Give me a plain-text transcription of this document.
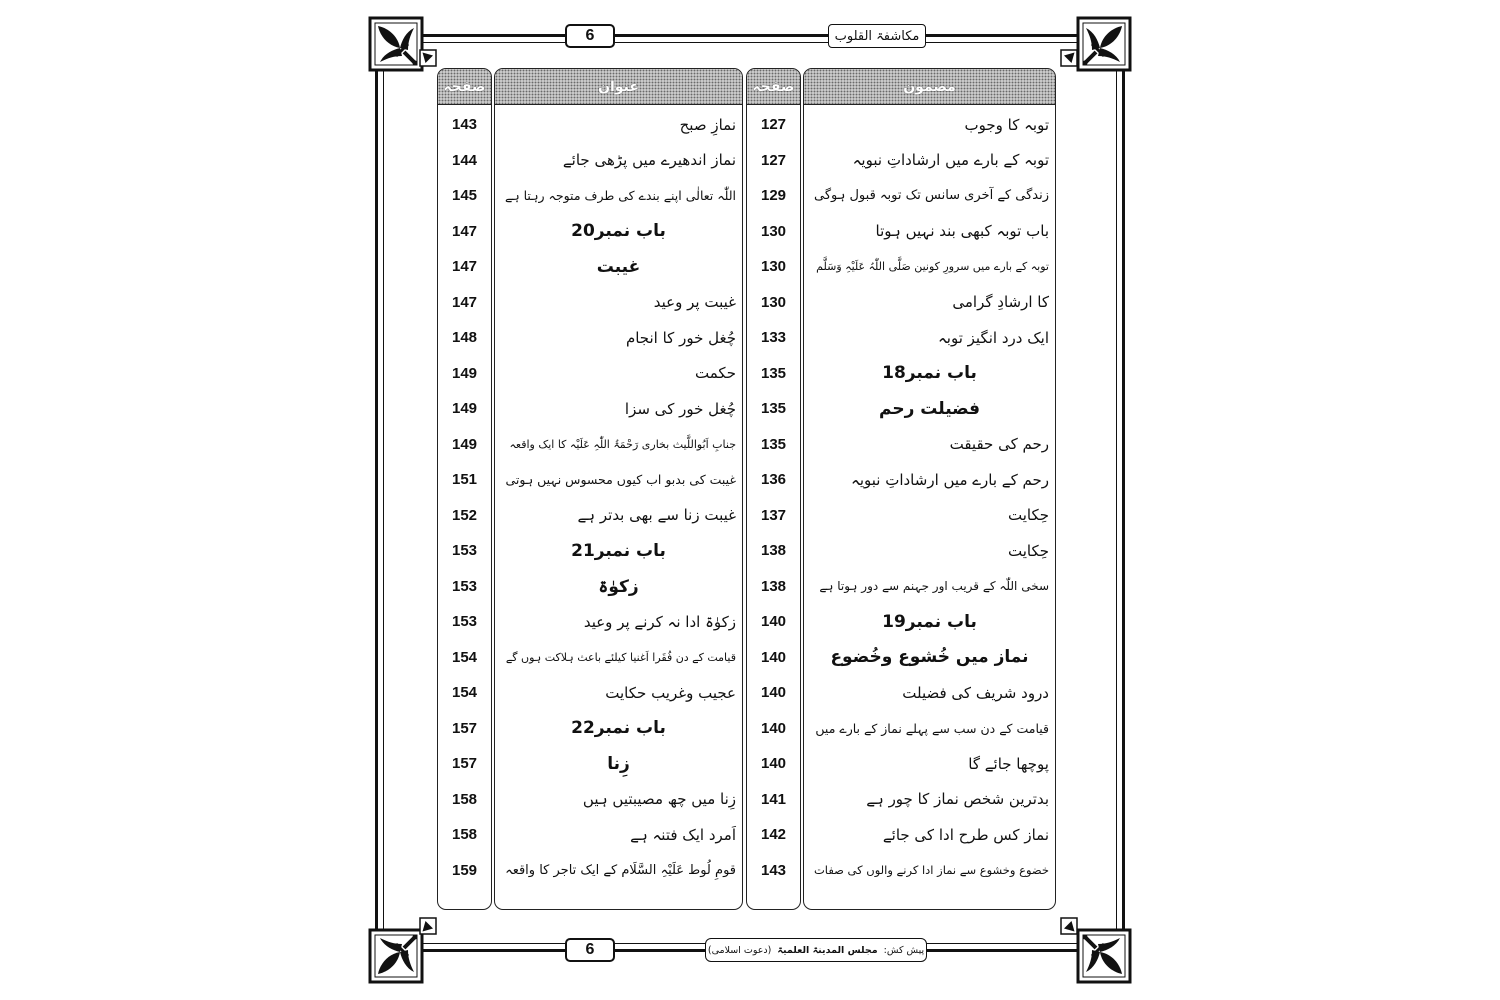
6	مکاشفۃ القلوب
مضمون
توبہ کا وجوب
توبہ کے بارے میں ارشاداتِ نبویہ
زندگی کے آخری سانس تک توبہ قبول ہوگی
باب توبہ کبھی بند نہیں ہوتا
توبہ کے بارے میں سرورِ کونین صَلَّی اللّٰہُ عَلَیْہِ وَسَلَّم
کا ارشادِ گرامی
ایک درد انگیز توبہ
باب نمبر18
فضیلت رحم
رحم کی حقیقت
رحم کے بارے میں ارشاداتِ نبویہ
حِکایت
حِکایت
سخی اللّٰہ کے قریب اور جہنم سے دور ہوتا ہے
باب نمبر19
نماز میں خُشوع وخُضوع
درود شریف کی فضیلت
قیامت کے دن سب سے پہلے نماز کے بارے میں
پوچھا جائے گا
بدترین شخص نماز کا چور ہے
نماز کس طرح ادا کی جائے
خضوع وخشوع سے نماز ادا کرنے والوں کی صفات
صفحہ
127
127
129
130
130
130
133
135
135
135
136
137
138
138
140
140
140
140
140
141
142
143
عنوان
نمازِ صبح
نماز اندھیرے میں پڑھی جائے
اللّٰہ تعالٰی اپنے بندے کی طرف متوجہ رہتا ہے
باب نمبر20
غیبت
غیبت پر وعید
چُغل خور کا انجام
حکمت
چُغل خور کی سزا
جنابِ اَبُواللَّیث بخاری رَحْمَۃُ اللّٰہِ عَلَیْہ کا ایک واقعہ
غیبت کی بدبو اب کیوں محسوس نہیں ہوتی
غیبت زنا سے بھی بدتر ہے
باب نمبر21
زکوٰۃ
زکوٰۃ ادا نہ کرنے پر وعید
قیامت کے دن فُقَرا اَغنیا کیلئے باعث ہلاکت ہوں گے
عجیب وغریب حکایت
باب نمبر22
زِنا
زِنا میں چھ مصیبتیں ہیں
اَمرد ایک فتنہ ہے
قومِ لُوط عَلَیْہِ السَّلَام کے ایک تاجر کا واقعہ
صفحہ
143
144
145
147
147
147
148
149
149
149
151
152
153
153
153
154
154
157
157
158
158
159
6	پیش کش: مجلس المدینۃ العلمیۃ (دعوت اسلامی)
